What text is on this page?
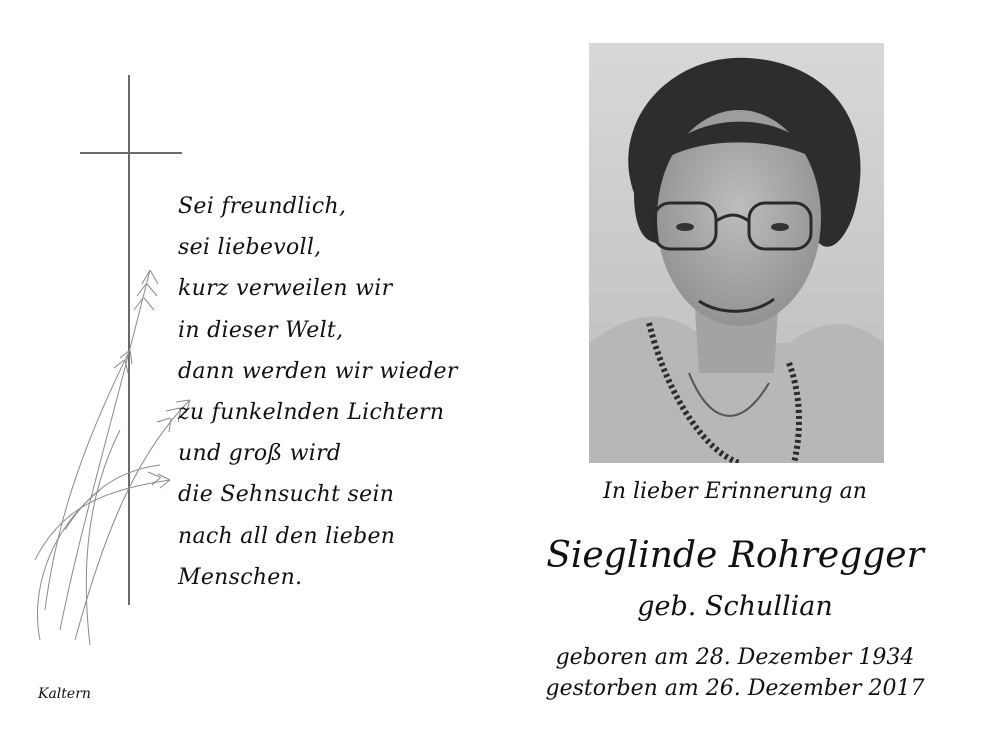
Sei freundlich,
sei liebevoll,
kurz verweilen wir
in dieser Welt,
dann werden wir wieder
zu funkelnden Lichtern
und groß wird
die Sehnsucht sein
nach all den lieben
Menschen.
Kaltern
In lieber Erinnerung an
Sieglinde Rohregger
geb. Schullian
geboren am 28. Dezember 1934
gestorben am 26. Dezember 2017
